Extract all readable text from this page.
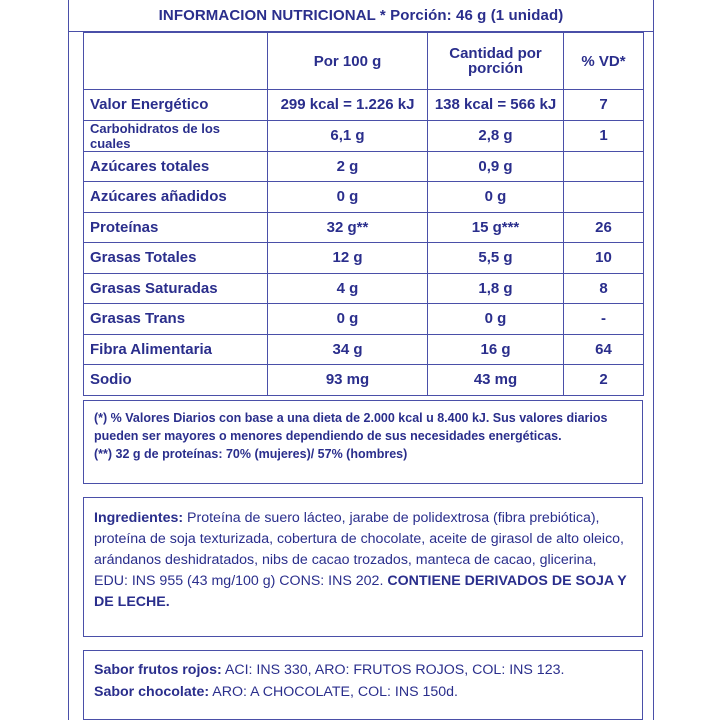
INFORMACION NUTRICIONAL * Porción: 46 g (1 unidad)
	Por 100 g	Cantidad por porción	% VD*
Valor Energético	299 kcal = 1.226 kJ	138 kcal = 566 kJ	7
Carbohidratos de los cuales	6,1 g	2,8 g	1
Azúcares totales	2 g	0,9 g	
Azúcares añadidos	0 g	0 g	
Proteínas	32 g**	15 g***	26
Grasas Totales	12 g	5,5 g	10
Grasas Saturadas	4 g	1,8 g	8
Grasas Trans	0 g	0 g	-
Fibra Alimentaria	34 g	16 g	64
Sodio	93 mg	43 mg	2
(*) % Valores Diarios con base a una dieta de 2.000 kcal u 8.400 kJ. Sus valores diarios pueden ser mayores o menores dependiendo de sus necesidades energéticas.
(**) 32 g de proteínas: 70% (mujeres)/ 57% (hombres)
Ingredientes: Proteína de suero lácteo, jarabe de polidextrosa (fibra prebiótica), proteína de soja texturizada, cobertura de chocolate, aceite de girasol de alto oleico, arándanos deshidratados, nibs de cacao trozados, manteca de cacao, glicerina, EDU: INS 955 (43 mg/100 g) CONS: INS 202. CONTIENE DERIVADOS DE SOJA Y DE LECHE.
Sabor frutos rojos: ACI: INS 330, ARO: FRUTOS ROJOS, COL: INS 123.
Sabor chocolate: ARO: A CHOCOLATE, COL: INS 150d.
